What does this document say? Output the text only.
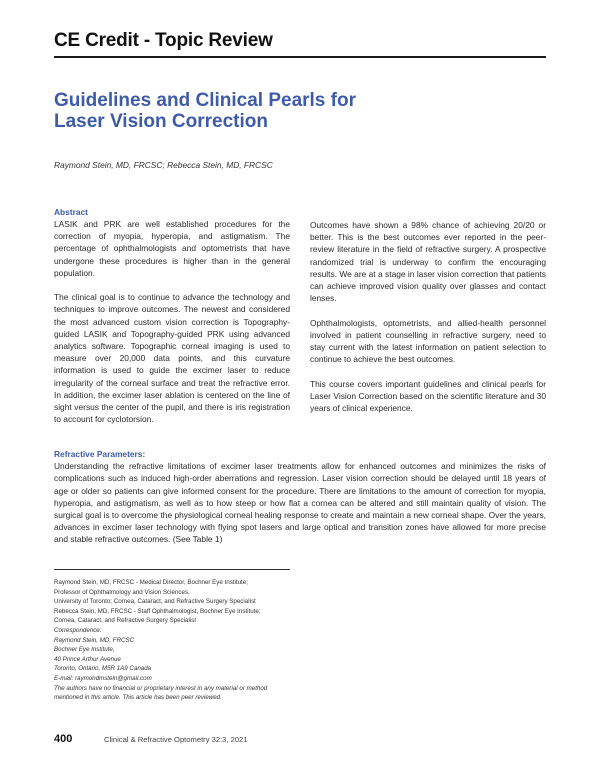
CE Credit - Topic Review
Guidelines and Clinical Pearls for
Laser Vision Correction
Raymond Stein, MD, FRCSC; Rebecca Stein, MD, FRCSC
Abstract

LASIK and PRK are well established procedures for the correction of myopia, hyperopia, and astigmatism. The percentage of ophthalmologists and optometrists that have undergone these procedures is higher than in the general population.

The clinical goal is to continue to advance the technology and techniques to improve outcomes. The newest and considered the most advanced custom vision correction is Topography-guided LASIK and Topography-guided PRK using advanced analytics software. Topographic corneal imaging is used to measure over 20,000 data points, and this curvature information is used to guide the excimer laser to reduce irregularity of the corneal surface and treat the refractive error. In addition, the excimer laser ablation is centered on the line of sight versus the center of the pupil, and there is iris registration to account for cyclotorsion.

Outcomes have shown a 98% chance of achieving 20/20 or better. This is the best outcomes ever reported in the peer-review literature in the field of refractive surgery. A prospective randomized trial is underway to confirm the encouraging results. We are at a stage in laser vision correction that patients can achieve improved vision quality over glasses and contact lenses.

Ophthalmologists, optometrists, and allied-health personnel involved in patient counselling in refractive surgery, need to stay current with the latest information on patient selection to continue to achieve the best outcomes.

This course covers important guidelines and clinical pearls for Laser Vision Correction based on the scientific literature and 30 years of clinical experience.

Refractive Parameters:
Understanding the refractive limitations of excimer laser treatments allow for enhanced outcomes and minimizes the risks of complications such as induced high-order aberrations and regression. Laser vision correction should be delayed until 18 years of age or older so patients can give informed consent for the procedure. There are limitations to the amount of correction for myopia, hyperopia, and astigmatism, as well as to how steep or how flat a cornea can be altered and still maintain quality of vision. The surgical goal is to overcome the physiological corneal healing response to create and maintain a new corneal shape. Over the years, advances in excimer laser technology with flying spot lasers and large optical and transition zones have allowed for more precise and stable refractive outcomes. (See Table 1)
Raymond Stein, MD, FRCSC - Medical Director, Bochner Eye Institute;
Professor of Ophthalmology and Vision Sciences,
University of Toronto; Cornea, Cataract, and Refractive Surgery Specialist
Rebecca Stein, MD, FRCSC - Staff Ophthalmologist, Bochner Eye Institute;
Cornea, Cataract, and Refractive Surgery Specialist
Correspondence:
Raymond Stein, MD, FRCSC
Bochner Eye Institute,
40 Prince Arthur Avenue
Toronto, Ontario, M5R 1A9 Canada
E-mail: raymondmstein@gmail.com
The authors have no financial or proprietary interest in any material or method
mentioned in this article. This article has been peer reviewed.
400	Clinical & Refractive Optometry 32:3, 2021
